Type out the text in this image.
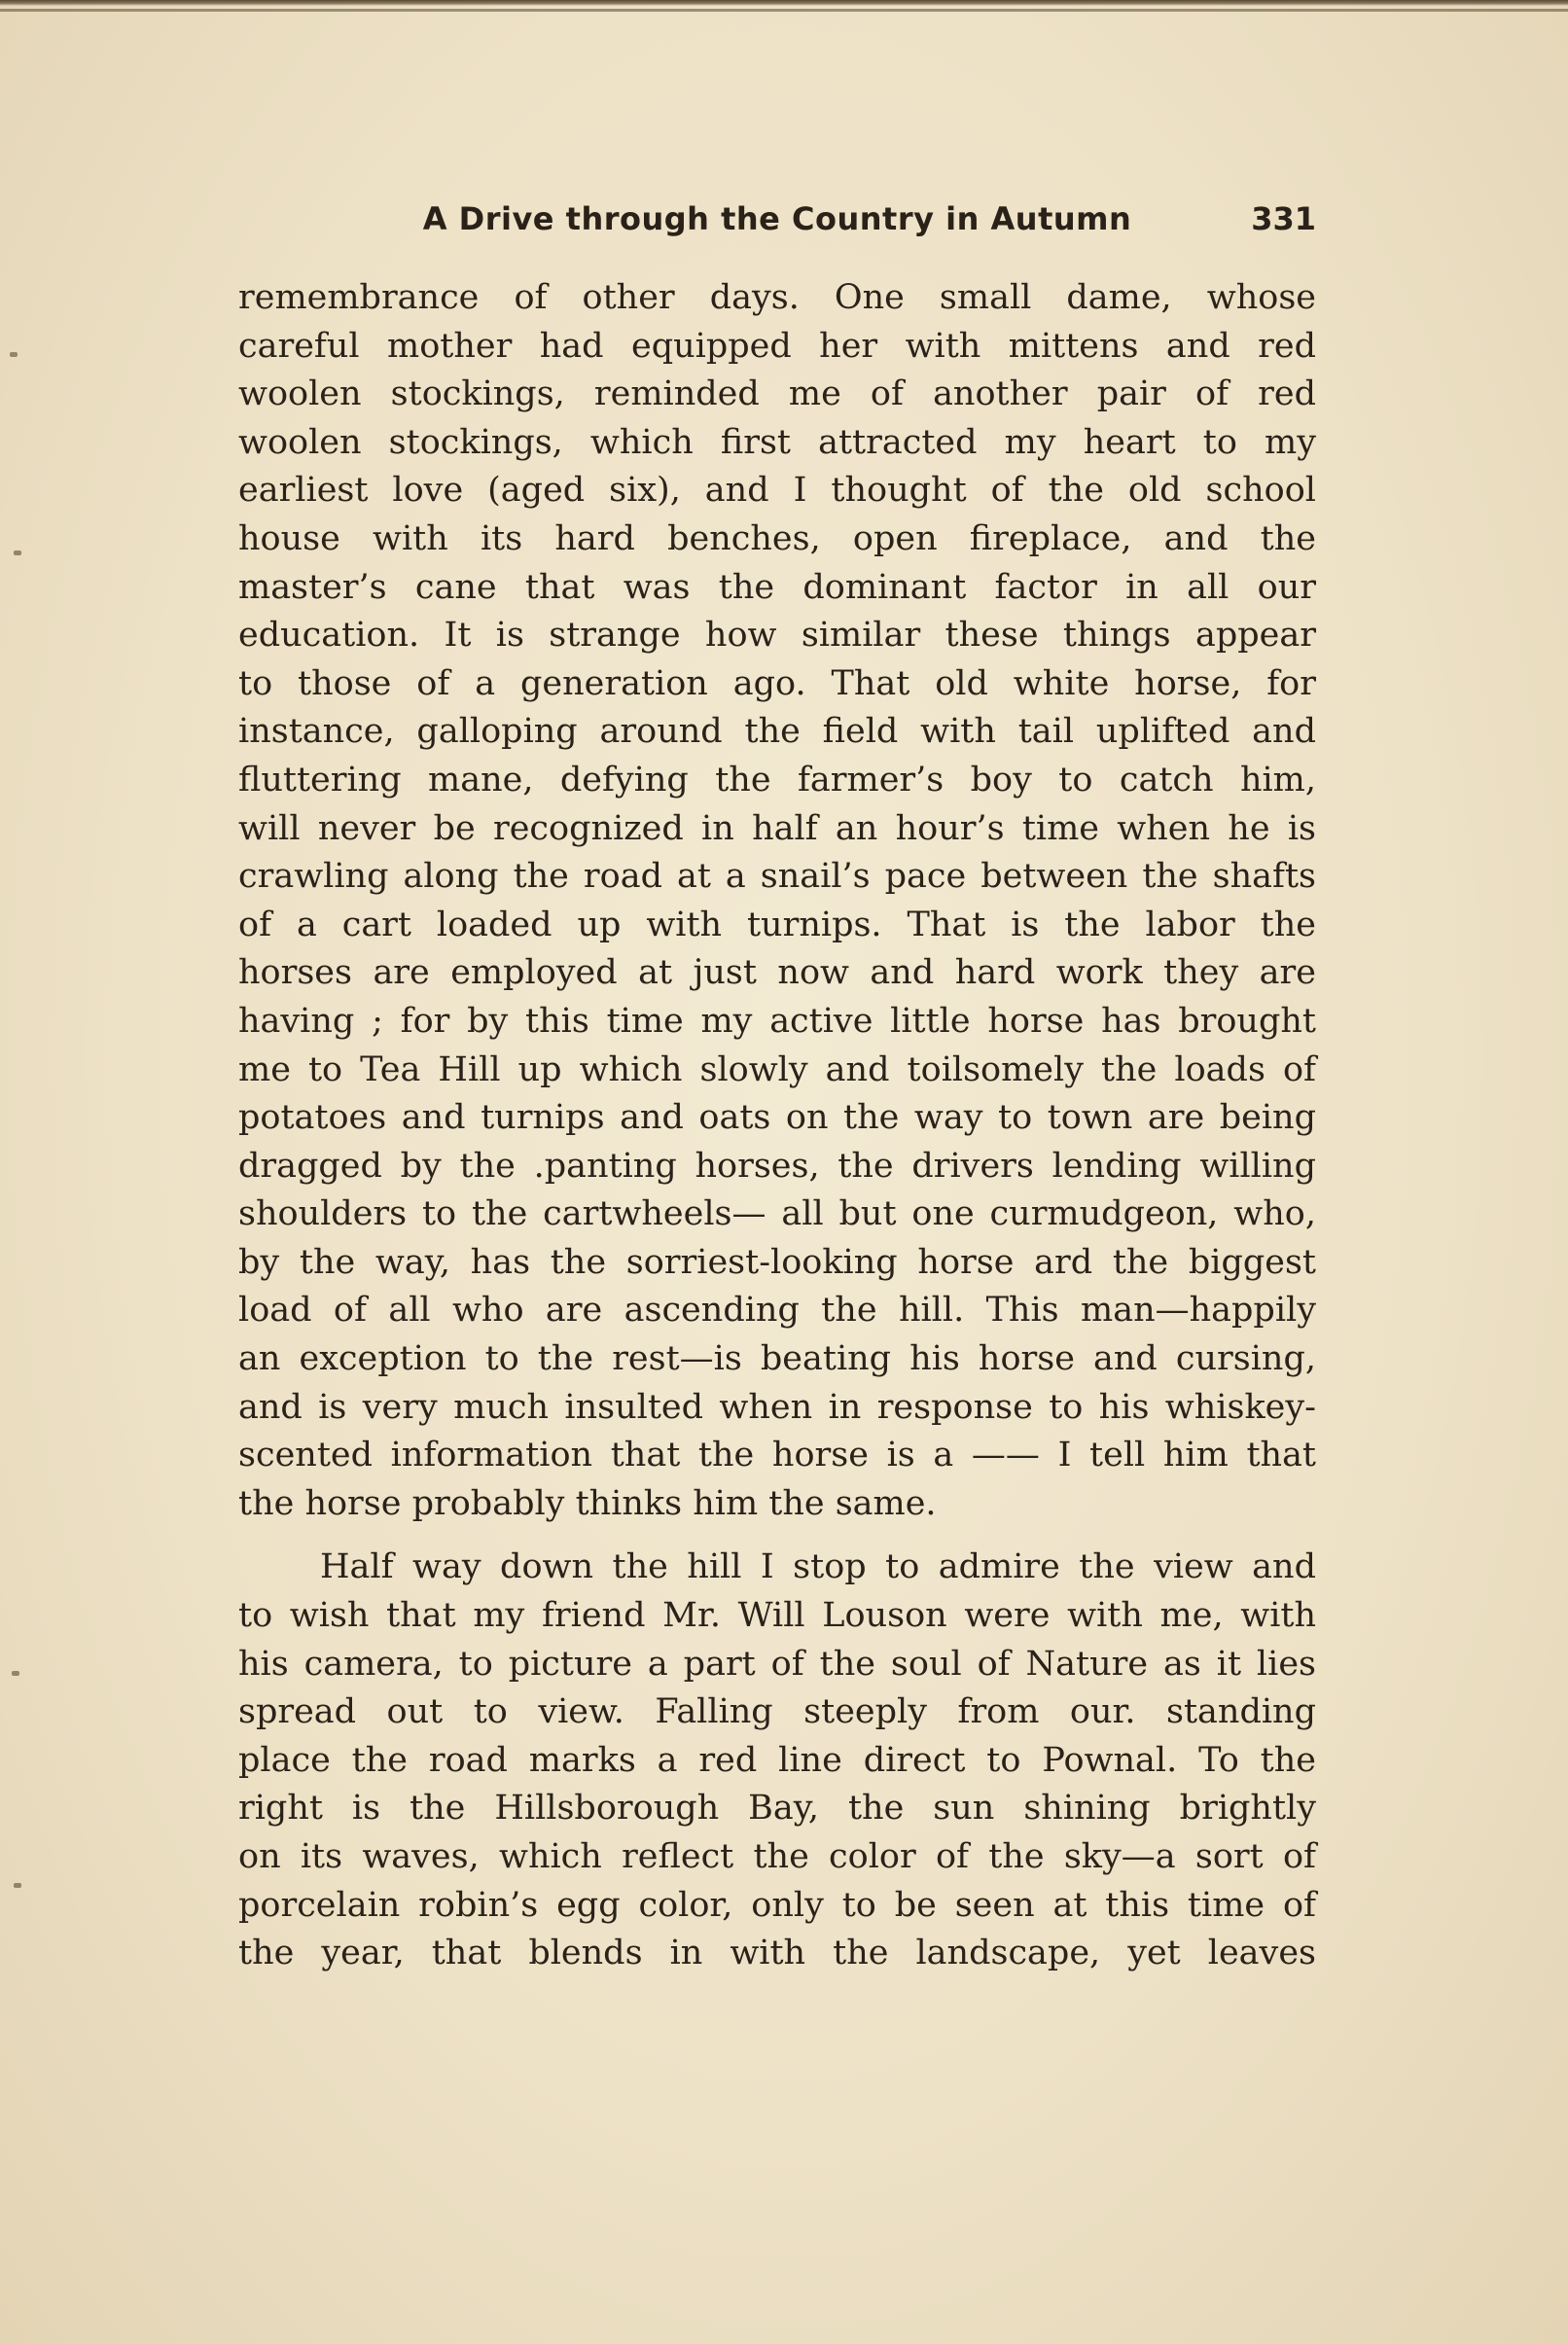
A Drive through the Country in Autumn	331
remembrance of other days. One small dame, whose
careful mother had equipped her with mittens and red
woolen stockings, reminded me of another pair of red
woolen stockings, which first attracted my heart to my
earliest love (aged six), and I thought of the old school
house with its hard benches, open fireplace, and the
master’s cane that was the dominant factor in all our
education. It is strange how similar these things appear
to those of a generation ago. That old white horse, for
instance, galloping around the field with tail uplifted and
fluttering mane, defying the farmer’s boy to catch him,
will never be recognized in half an hour’s time when he is
crawling along the road at a snail’s pace between the shafts
of a cart loaded up with turnips. That is the labor the
horses are employed at just now and hard work they are
having ; for by this time my active little horse has brought
me to Tea Hill up which slowly and toilsomely the loads of
potatoes and turnips and oats on the way to town are being
dragged by the .panting horses, the drivers lending willing
shoulders to the cartwheels— all but one curmudgeon, who,
by the way, has the sorriest-looking horse ard the biggest
load of all who are ascending the hill. This man—happily
an exception to the rest—is beating his horse and cursing,
and is very much insulted when in response to his whiskey-
scented information that the horse is a —— I tell him that
the horse probably thinks him the same.
Half way down the hill I stop to admire the view and
to wish that my friend Mr. Will Louson were with me, with
his camera, to picture a part of the soul of Nature as it lies
spread out to view. Falling steeply from our. standing
place the road marks a red line direct to Pownal. To the
right is the Hillsborough Bay, the sun shining brightly
on its waves, which reflect the color of the sky—a sort of
porcelain robin’s egg color, only to be seen at this time of
the year, that blends in with the landscape, yet leaves
